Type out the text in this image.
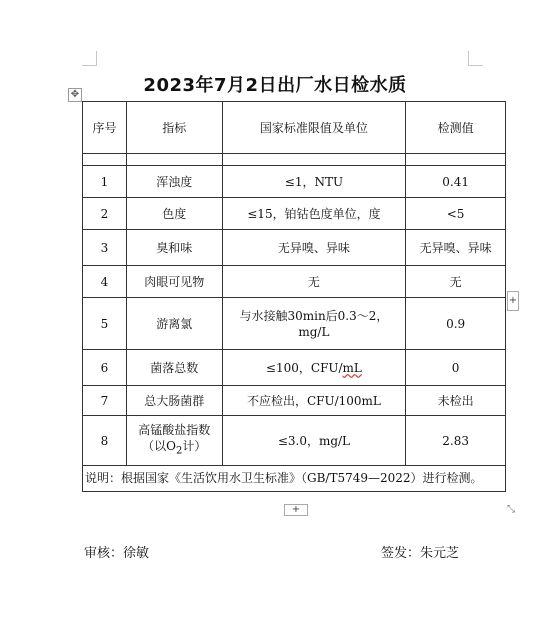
✥	2023年7月2日出厂水日检水质
序号	指标	国家标准限值及单位	检测值

1	浑浊度	≤1，NTU	0.41
2	色度	≤15，铂钴色度单位，度	<5
3	臭和味	无异嗅、异味	无异嗅、异味
4	肉眼可见物	无	无
5	游离氯	与水接触30min后0.3～2，
mg/L	0.9
6	菌落总数	≤100，CFU/mL	0
7	总大肠菌群	不应检出，CFU/100mL	未检出
8	高锰酸盐指数
（以$O_2$计）	≤3.0，mg/L	2.83
说明：根据国家《生活饮用水卫生标准》（GB/T5749—2022）进行检测。			
+
+	⤡
审核：徐敏	签发：朱元芝
